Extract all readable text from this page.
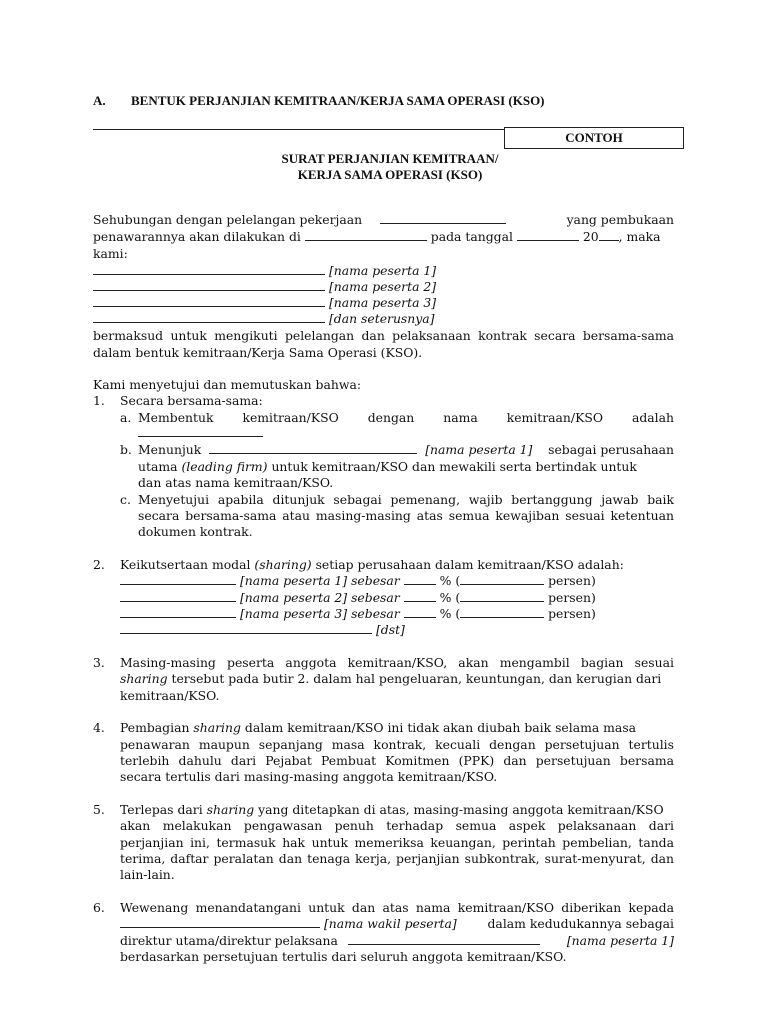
A. BENTUK PERJANJIAN KEMITRAAN/KERJA SAMA OPERASI (KSO)
CONTOH
SURAT PERJANJIAN KEMITRAAN/
KERJA SAMA OPERASI (KSO)
Sehubungan dengan pelelangan pekerjaan	yang pembukaan
penawarannya akan dilakukan di	pada tanggal	20 , maka
kami:
[nama peserta 1]
[nama peserta 2]
[nama peserta 3]
[dan seterusnya]
bermaksud untuk mengikuti pelelangan dan pelaksanaan kontrak secara bersama-sama
dalam bentuk kemitraan/Kerja Sama Operasi (KSO).
Kami menyetujui dan memutuskan bahwa:
1. Secara bersama-sama:
a. Membentuk kemitraan/KSO dengan nama kemitraan/KSO adalah
b. Menunjuk	[nama peserta 1] sebagai perusahaan
utama (leading firm) untuk kemitraan/KSO dan mewakili serta bertindak untuk
dan atas nama kemitraan/KSO.
c. Menyetujui apabila ditunjuk sebagai pemenang, wajib bertanggung jawab baik
secara bersama-sama atau masing-masing atas semua kewajiban sesuai ketentuan
dokumen kontrak.
2. Keikutsertaan modal (sharing) setiap perusahaan dalam kemitraan/KSO adalah:
[nama peserta 1] sebesar	% (	persen)
[nama peserta 2] sebesar	% (	persen)
[nama peserta 3] sebesar	% (	persen)
[dst]
3. Masing-masing peserta anggota kemitraan/KSO, akan mengambil bagian sesuai
sharing tersebut pada butir 2. dalam hal pengeluaran, keuntungan, dan kerugian dari
kemitraan/KSO.
4. Pembagian sharing dalam kemitraan/KSO ini tidak akan diubah baik selama masa
penawaran maupun sepanjang masa kontrak, kecuali dengan persetujuan tertulis
terlebih dahulu dari Pejabat Pembuat Komitmen (PPK) dan persetujuan bersama
secara tertulis dari masing-masing anggota kemitraan/KSO.
5. Terlepas dari sharing yang ditetapkan di atas, masing-masing anggota kemitraan/KSO
akan melakukan pengawasan penuh terhadap semua aspek pelaksanaan dari
perjanjian ini, termasuk hak untuk memeriksa keuangan, perintah pembelian, tanda
terima, daftar peralatan dan tenaga kerja, perjanjian subkontrak, surat-menyurat, dan
lain-lain.
6. Wewenang menandatangani untuk dan atas nama kemitraan/KSO diberikan kepada
[nama wakil peserta] dalam kedudukannya sebagai
direktur utama/direktur pelaksana	[nama peserta 1]
berdasarkan persetujuan tertulis dari seluruh anggota kemitraan/KSO.
